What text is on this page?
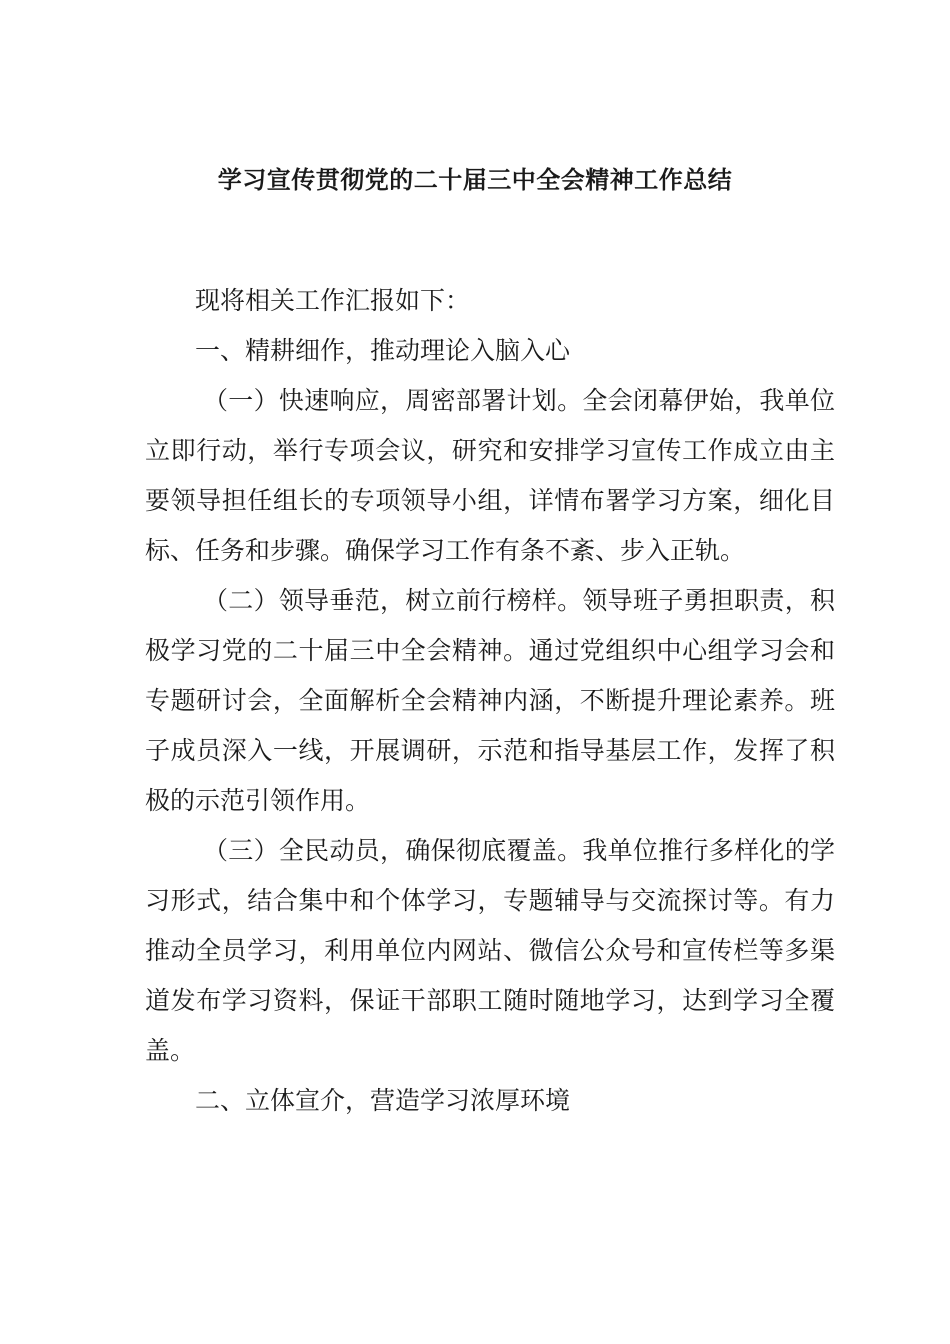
学习宣传贯彻党的二十届三中全会精神工作总结

现将相关工作汇报如下：

一、精耕细作，推动理论入脑入心

（一）快速响应，周密部署计划。全会闭幕伊始，我单位立即行动，举行专项会议，研究和安排学习宣传工作成立由主要领导担任组长的专项领导小组，详情布署学习方案，细化目标、任务和步骤。确保学习工作有条不紊、步入正轨。

（二）领导垂范，树立前行榜样。领导班子勇担职责，积极学习党的二十届三中全会精神。通过党组织中心组学习会和专题研讨会，全面解析全会精神内涵，不断提升理论素养。班子成员深入一线，开展调研，示范和指导基层工作，发挥了积极的示范引领作用。

（三）全民动员，确保彻底覆盖。我单位推行多样化的学习形式，结合集中和个体学习，专题辅导与交流探讨等。有力推动全员学习，利用单位内网站、微信公众号和宣传栏等多渠道发布学习资料，保证干部职工随时随地学习，达到学习全覆盖。

二、立体宣介，营造学习浓厚环境
